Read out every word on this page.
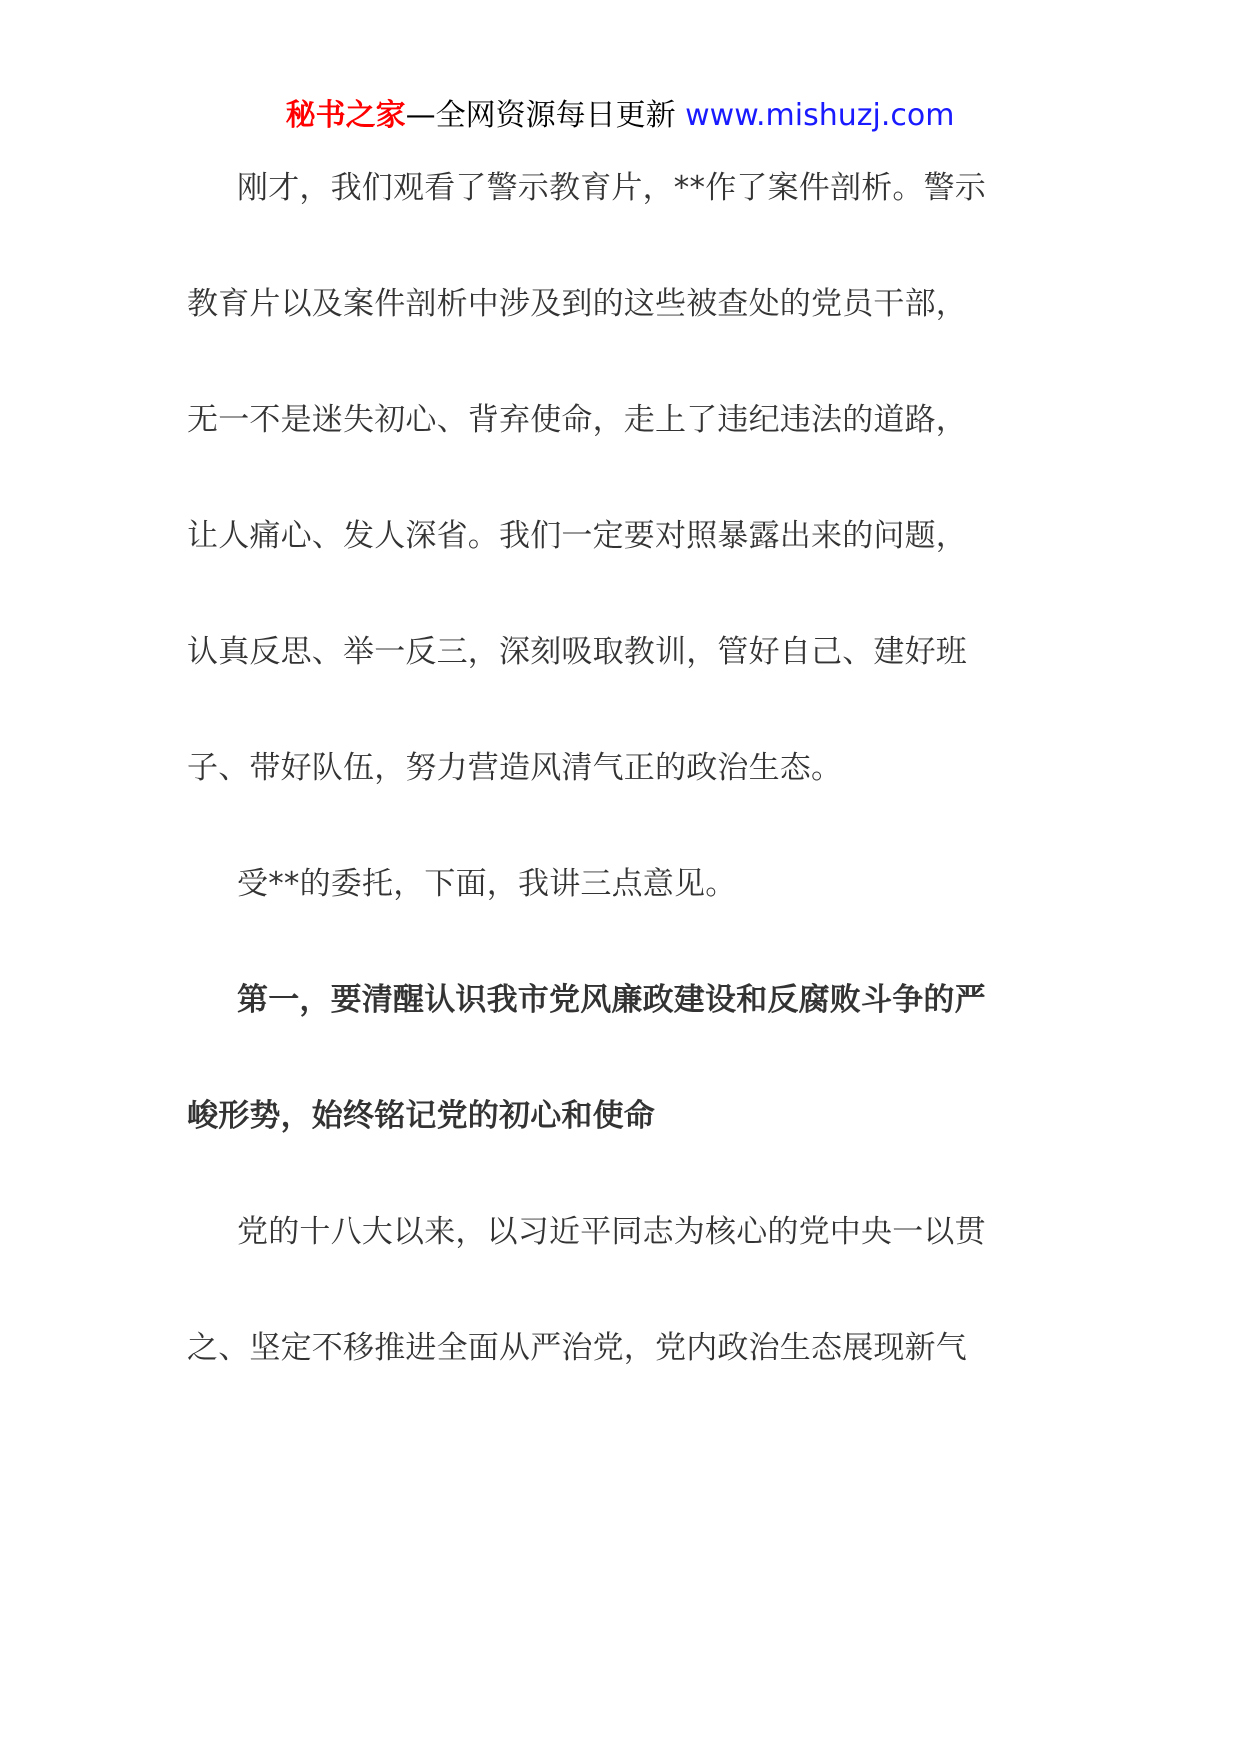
秘书之家—全网资源每日更新 www.mishuzj.com
刚才，我们观看了警示教育片，**作了案件剖析。警示
教育片以及案件剖析中涉及到的这些被查处的党员干部，
无一不是迷失初心、背弃使命，走上了违纪违法的道路，
让人痛心、发人深省。我们一定要对照暴露出来的问题，
认真反思、举一反三，深刻吸取教训，管好自己、建好班
子、带好队伍，努力营造风清气正的政治生态。
受**的委托，下面，我讲三点意见。
第一，要清醒认识我市党风廉政建设和反腐败斗争的严
峻形势，始终铭记党的初心和使命
党的十八大以来，以习近平同志为核心的党中央一以贯
之、坚定不移推进全面从严治党，党内政治生态展现新气
